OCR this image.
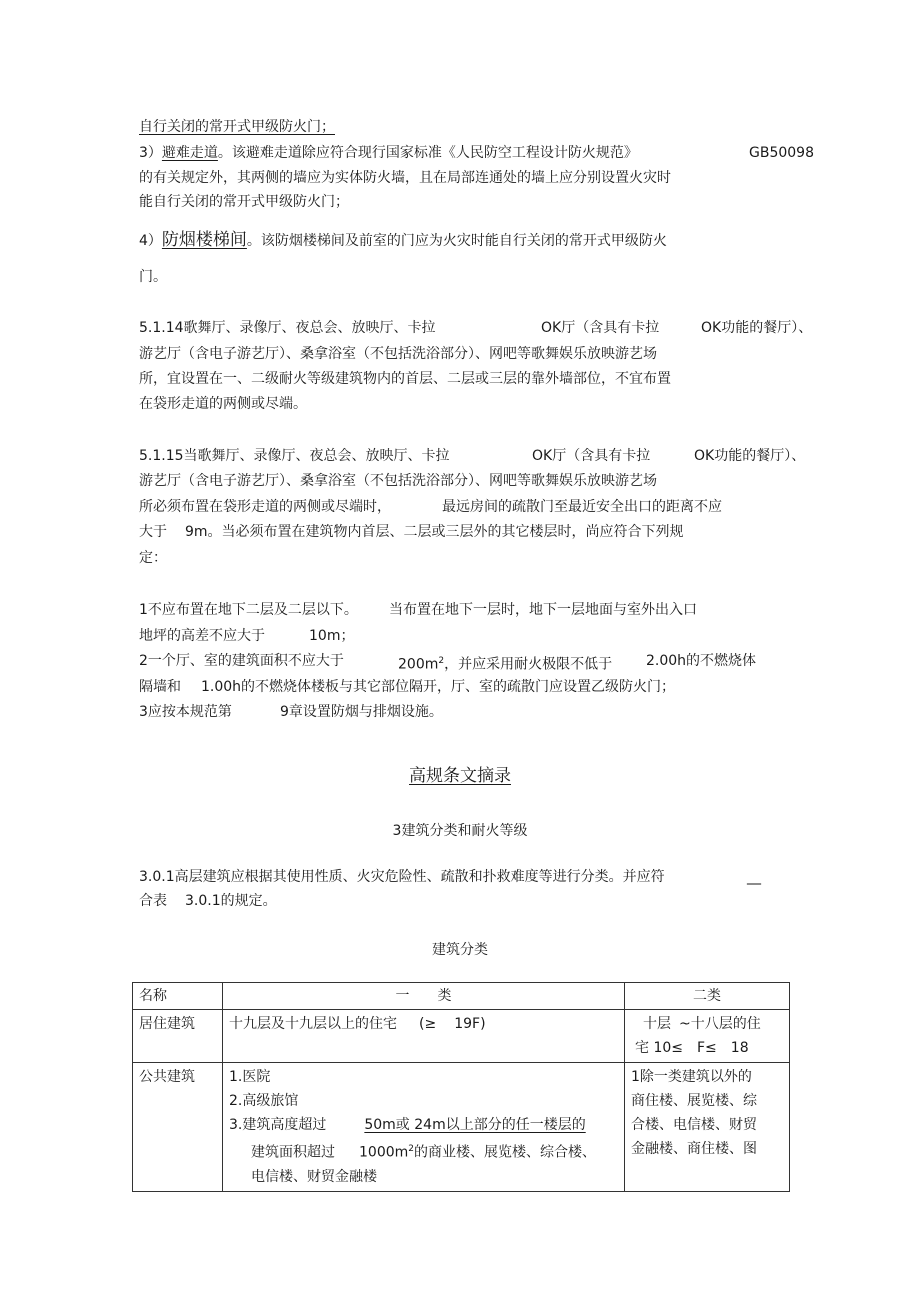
自行关闭的常开式甲级防火门；
3）避难走道。该避难走道除应符合现行国家标准《人民防空工程设计防火规范》	GB50098
的有关规定外，其两侧的墙应为实体防火墙，且在局部连通处的墙上应分别设置火灾时
能自行关闭的常开式甲级防火门；
4）防烟楼梯间。该防烟楼梯间及前室的门应为火灾时能自行关闭的常开式甲级防火
门。
5.1.14歌舞厅、录像厅、夜总会、放映厅、卡拉	OK厅（含具有卡拉	OK功能的餐厅）、
游艺厅（含电子游艺厅）、桑拿浴室（不包括洗浴部分）、网吧等歌舞娱乐放映游艺场
所，宜设置在一、二级耐火等级建筑物内的首层、二层或三层的靠外墙部位，不宜布置
在袋形走道的两侧或尽端。
5.1.15当歌舞厅、录像厅、夜总会、放映厅、卡拉	OK厅（含具有卡拉	OK功能的餐厅）、
游艺厅（含电子游艺厅）、桑拿浴室（不包括洗浴部分）、网吧等歌舞娱乐放映游艺场
所必须布置在袋形走道的两侧或尽端时，	最远房间的疏散门至最近安全出口的距离不应
大于 9m。当必须布置在建筑物内首层、二层或三层外的其它楼层时，尚应符合下列规
定：
1不应布置在地下二层及二层以下。 当布置在地下一层时，地下一层地面与室外出入口
地坪的高差不应大于	10m；
2一个厅、室的建筑面积不应大于	$200m^2$，并应采用耐火极限不低于 2.00h的不燃烧体
隔墙和 1.00h的不燃烧体楼板与其它部位隔开，厅、室的疏散门应设置乙级防火门；
3应按本规范第	9章设置防烟与排烟设施。
高规条文摘录
3建筑分类和耐火等级
3.0.1高层建筑应根据其使用性质、火灾危险性、疏散和扑救难度等进行分类。并应符	__
合表 3.0.1的规定。
建筑分类
名称	一　　类	二类
居住建筑	十九层及十九层以上的住宅 (≥ 19F)	十层 ~十八层的住
宅 10≤ F≤ 18

公共建筑	1.医院
2.高级旅馆
3.建筑高度超过 50m或 24m以上部分的任一楼层的
建筑面积超过 $1000m^2$的商业楼、展览楼、综合楼、
电信楼、财贸金融楼	1除一类建筑以外的
商住楼、展览楼、综
合楼、电信楼、财贸
金融楼、商住楼、图
